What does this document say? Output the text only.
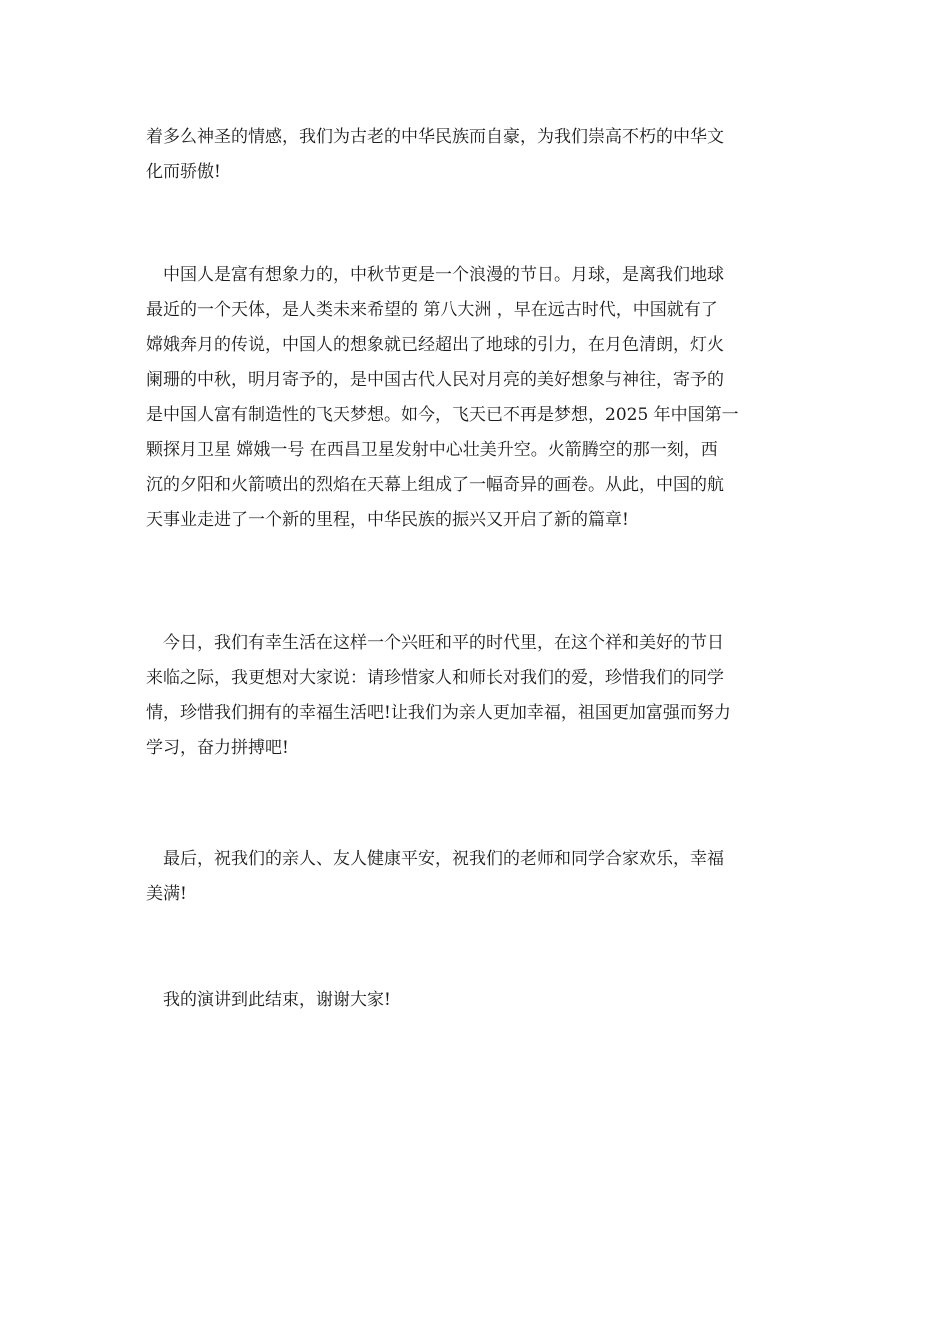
着多么神圣的情感，我们为古老的中华民族而自豪，为我们崇高不朽的中华文
化而骄傲!

　中国人是富有想象力的，中秋节更是一个浪漫的节日。月球，是离我们地球
最近的一个天体，是人类未来希望的 第八大洲 ，早在远古时代，中国就有了
嫦娥奔月的传说，中国人的想象就已经超出了地球的引力，在月色清朗，灯火
阑珊的中秋，明月寄予的，是中国古代人民对月亮的美好想象与神往，寄予的
是中国人富有制造性的飞天梦想。如今，飞天已不再是梦想，2025 年中国第一
颗探月卫星 嫦娥一号 在西昌卫星发射中心壮美升空。火箭腾空的那一刻，西
沉的夕阳和火箭喷出的烈焰在天幕上组成了一幅奇异的画卷。从此，中国的航
天事业走进了一个新的里程，中华民族的振兴又开启了新的篇章!

　今日，我们有幸生活在这样一个兴旺和平的时代里，在这个祥和美好的节日
来临之际，我更想对大家说：请珍惜家人和师长对我们的爱，珍惜我们的同学
情，珍惜我们拥有的幸福生活吧!让我们为亲人更加幸福，祖国更加富强而努力
学习，奋力拼搏吧!

　最后，祝我们的亲人、友人健康平安，祝我们的老师和同学合家欢乐，幸福
美满!

　我的演讲到此结束，谢谢大家!
